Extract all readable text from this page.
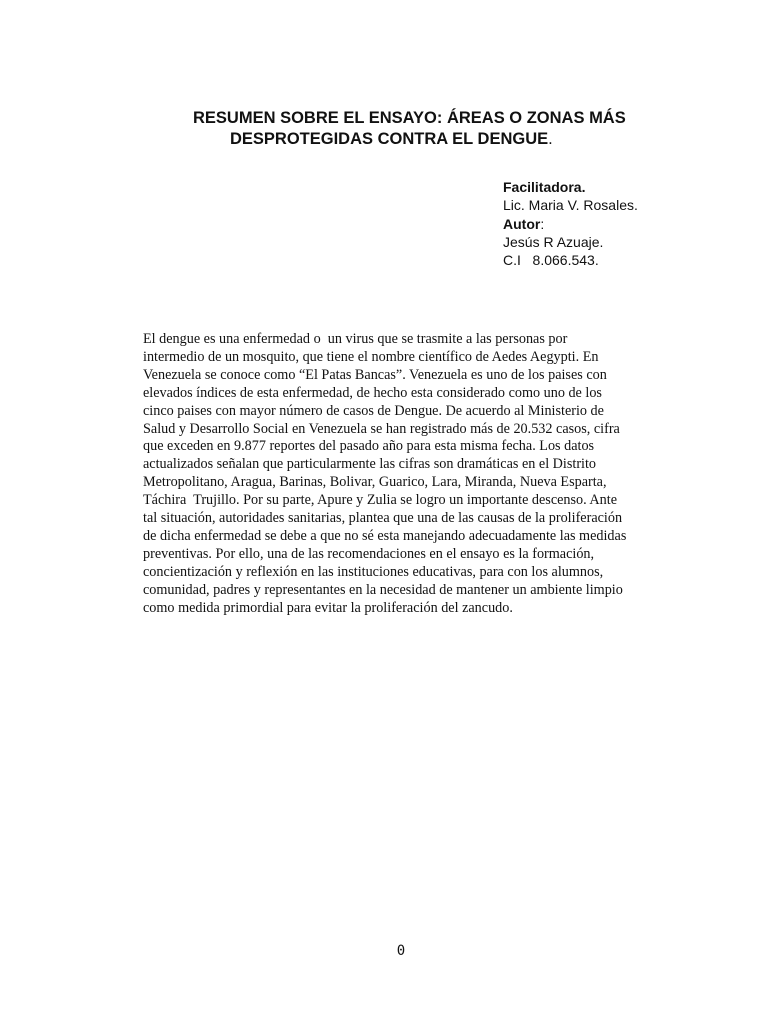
RESUMEN SOBRE EL ENSAYO: ÁREAS O ZONAS MÁS
DESPROTEGIDAS CONTRA EL DENGUE.
Facilitadora.
Lic. Maria V. Rosales.
Autor:
Jesús R Azuaje.
C.I   8.066.543.
El dengue es una enfermedad o  un virus que se trasmite a las personas por
intermedio de un mosquito, que tiene el nombre científico de Aedes Aegypti. En
Venezuela se conoce como “El Patas Bancas”. Venezuela es uno de los paises con
elevados índices de esta enfermedad, de hecho esta considerado como uno de los
cinco paises con mayor número de casos de Dengue. De acuerdo al Ministerio de
Salud y Desarrollo Social en Venezuela se han registrado más de 20.532 casos, cifra
que exceden en 9.877 reportes del pasado año para esta misma fecha. Los datos
actualizados señalan que particularmente las cifras son dramáticas en el Distrito
Metropolitano, Aragua, Barinas, Bolivar, Guarico, Lara, Miranda, Nueva Esparta,
Táchira  Trujillo. Por su parte, Apure y Zulia se logro un importante descenso. Ante
tal situación, autoridades sanitarias, plantea que una de las causas de la proliferación
de dicha enfermedad se debe a que no sé esta manejando adecuadamente las medidas
preventivas. Por ello, una de las recomendaciones en el ensayo es la formación,
concientización y reflexión en las instituciones educativas, para con los alumnos,
comunidad, padres y representantes en la necesidad de mantener un ambiente limpio
como medida primordial para evitar la proliferación del zancudo.
0
